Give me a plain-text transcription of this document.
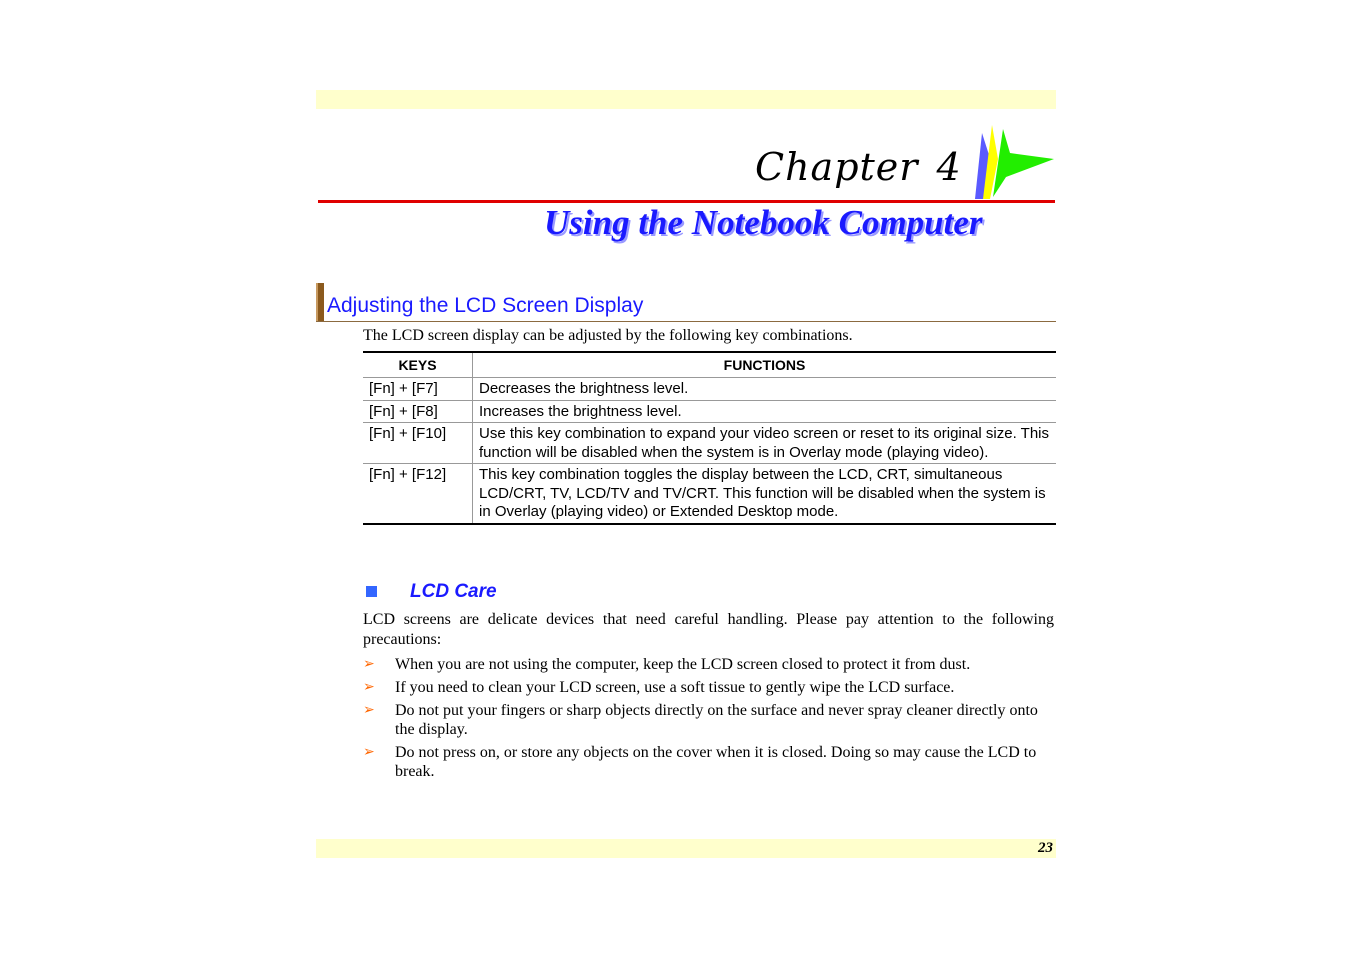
Chapter 4
Using the Notebook Computer
Adjusting the LCD Screen Display
The LCD screen display can be adjusted by the following key combinations.
KEYS	FUNCTIONS
[Fn] + [F7]	Decreases the brightness level.
[Fn] + [F8]	Increases the brightness level.
[Fn] + [F10]	Use this key combination to expand your video screen or reset to its original size. This function will be disabled when the system is in Overlay mode (playing video).
[Fn] + [F12]	This key combination toggles the display between the LCD, CRT, simultaneous LCD/CRT, TV, LCD/TV and TV/CRT. This function will be disabled when the system is in Overlay (playing video) or Extended Desktop mode.
LCD Care
LCD screens are delicate devices that need careful handling. Please pay attention to the following precautions:
➢ When you are not using the computer, keep the LCD screen closed to protect it from dust.
➢ If you need to clean your LCD screen, use a soft tissue to gently wipe the LCD surface.
➢ Do not put your fingers or sharp objects directly on the surface and never spray cleaner directly onto the display.
➢ Do not press on, or store any objects on the cover when it is closed. Doing so may cause the LCD to break.
23
